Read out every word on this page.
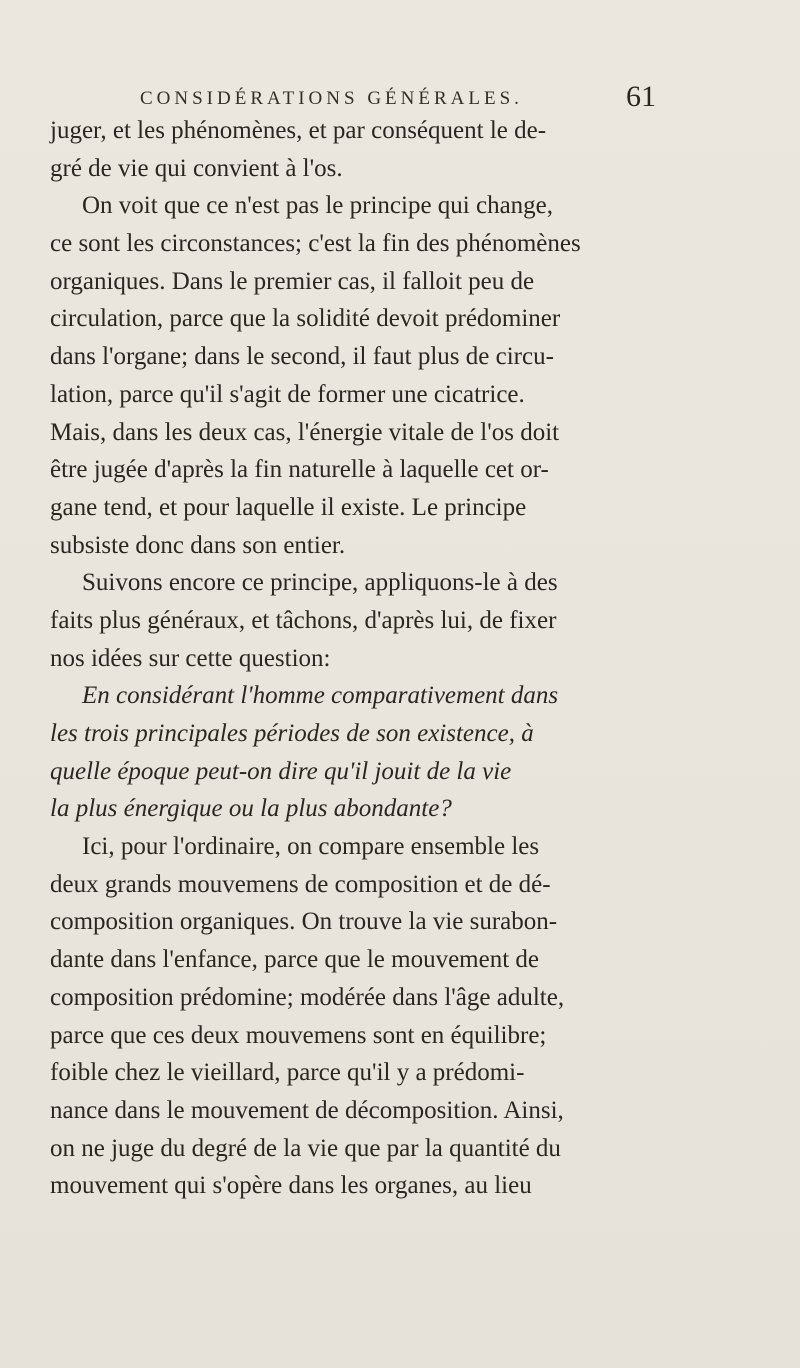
CONSIDÉRATIONS GÉNÉRALES.	61
juger, et les phénomènes, et par conséquent le de-
gré de vie qui convient à l'os.
On voit que ce n'est pas le principe qui change,
ce sont les circonstances; c'est la fin des phénomènes
organiques. Dans le premier cas, il falloit peu de
circulation, parce que la solidité devoit prédominer
dans l'organe; dans le second, il faut plus de circu-
lation, parce qu'il s'agit de former une cicatrice.
Mais, dans les deux cas, l'énergie vitale de l'os doit
être jugée d'après la fin naturelle à laquelle cet or-
gane tend, et pour laquelle il existe. Le principe
subsiste donc dans son entier.
Suivons encore ce principe, appliquons-le à des
faits plus généraux, et tâchons, d'après lui, de fixer
nos idées sur cette question:
En considérant l'homme comparativement dans
les trois principales périodes de son existence, à
quelle époque peut-on dire qu'il jouit de la vie
la plus énergique ou la plus abondante?
Ici, pour l'ordinaire, on compare ensemble les
deux grands mouvemens de composition et de dé-
composition organiques. On trouve la vie surabon-
dante dans l'enfance, parce que le mouvement de
composition prédomine; modérée dans l'âge adulte,
parce que ces deux mouvemens sont en équilibre;
foible chez le vieillard, parce qu'il y a prédomi-
nance dans le mouvement de décomposition. Ainsi,
on ne juge du degré de la vie que par la quantité du
mouvement qui s'opère dans les organes, au lieu
